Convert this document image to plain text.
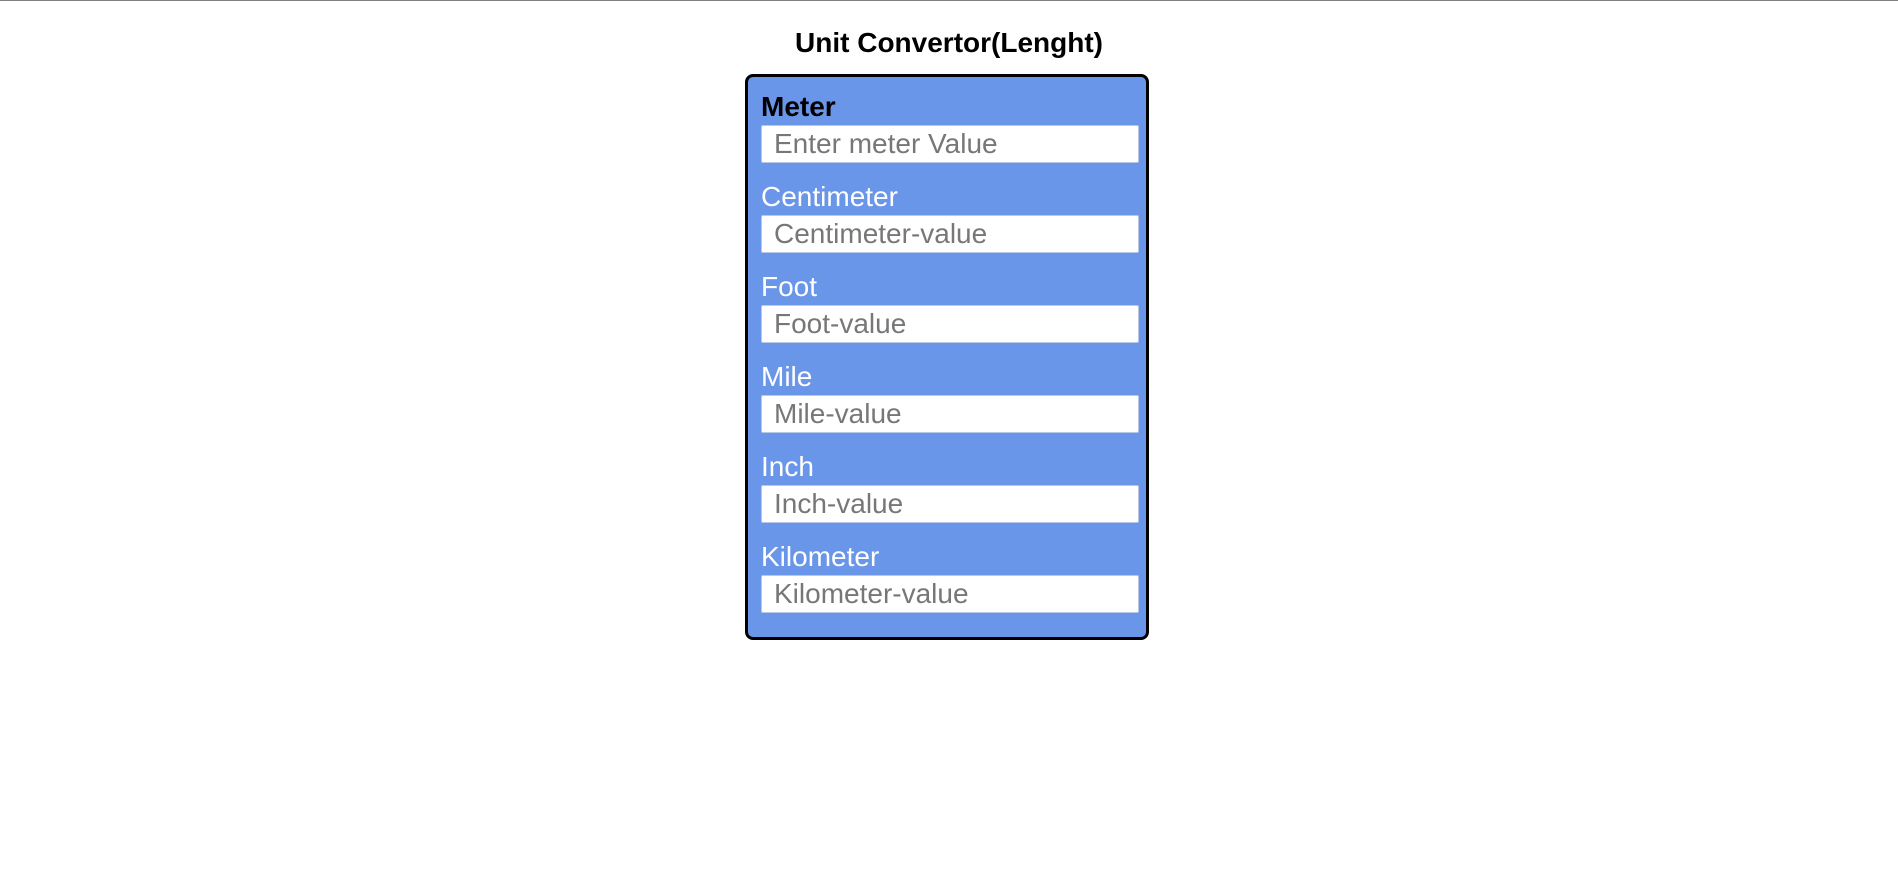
Unit Convertor(Lenght)
Meter
Enter meter Value
Centimeter
Centimeter-value
Foot
Foot-value
Mile
Mile-value
Inch
Inch-value
Kilometer
Kilometer-value
